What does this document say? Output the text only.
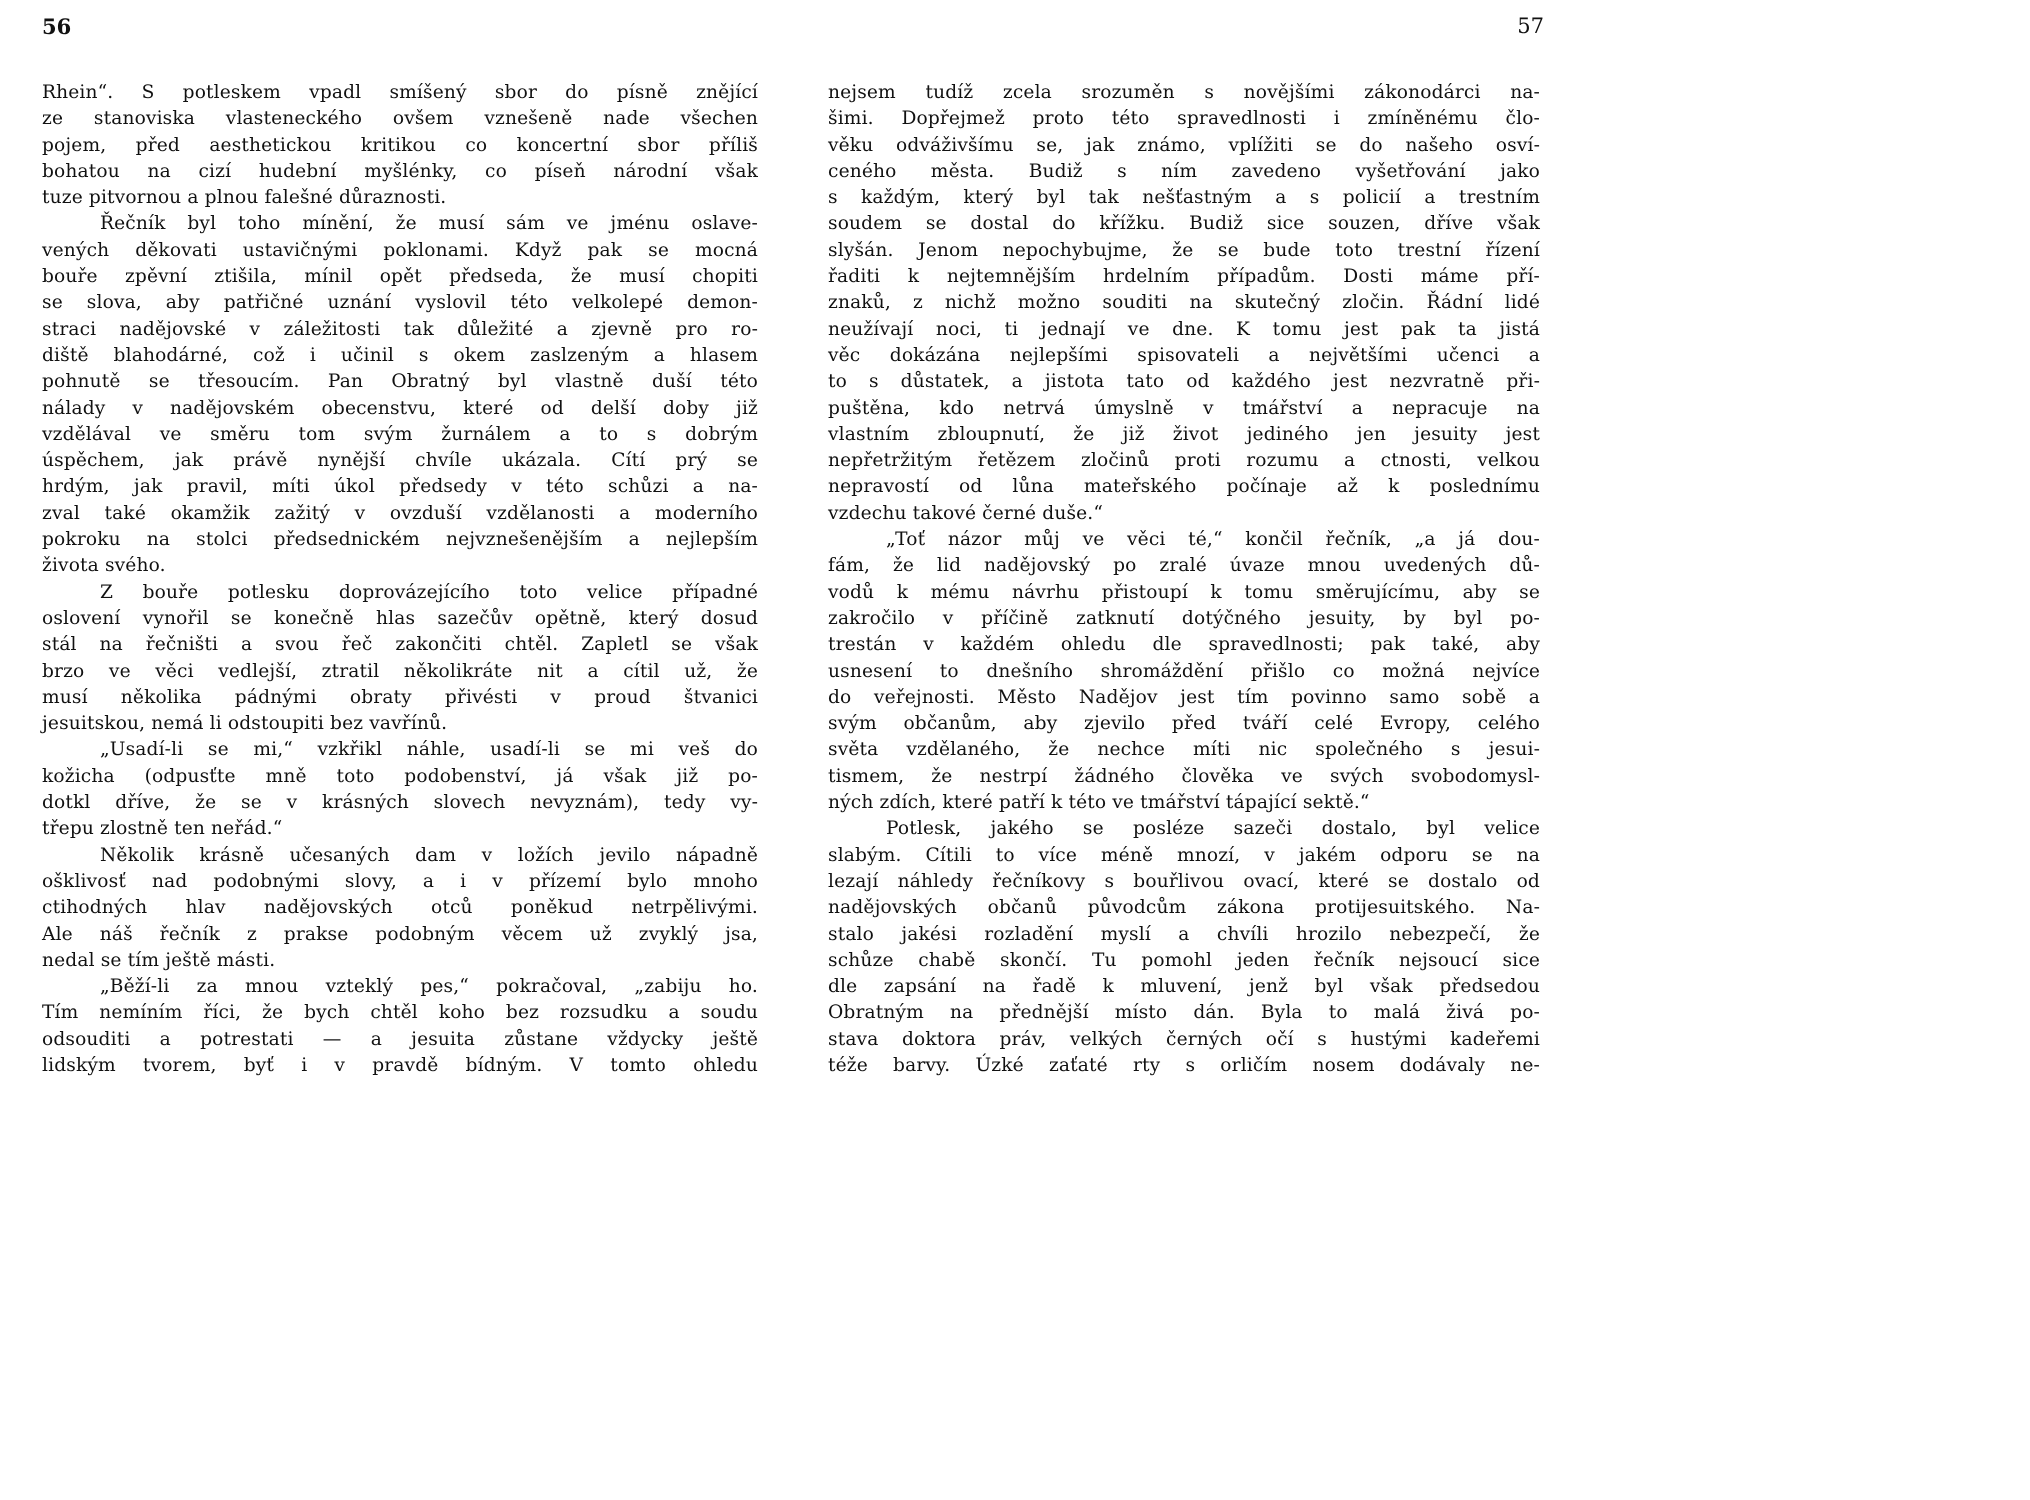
56
Rhein“. S potleskem vpadl smíšený sbor do písně znějící
ze stanoviska vlasteneckého ovšem vznešeně nade všechen
pojem, před aesthetickou kritikou co koncertní sbor příliš
bohatou na cizí hudební myšlénky, co píseň národní však
tuze pitvornou a plnou falešné důraznosti.
Řečník byl toho mínění, že musí sám ve jménu oslave-
vených děkovati ustavičnými poklonami. Když pak se mocná
bouře zpěvní ztišila, mínil opět předseda, že musí chopiti
se slova, aby patřičné uznání vyslovil této velkolepé demon-
straci nadějovské v záležitosti tak důležité a zjevně pro ro-
diště blahodárné, což i učinil s okem zaslzeným a hlasem
pohnutě se třesoucím. Pan Obratný byl vlastně duší této
nálady v nadějovském obecenstvu, které od delší doby již
vzdělával ve směru tom svým žurnálem a to s dobrým
úspěchem, jak právě nynější chvíle ukázala. Cítí prý se
hrdým, jak pravil, míti úkol předsedy v této schůzi a na-
zval také okamžik zažitý v ovzduší vzdělanosti a moderního
pokroku na stolci předsednickém nejvznešenějším a nejlepším
života svého.
Z bouře potlesku doprovázejícího toto velice případné
oslovení vynořil se konečně hlas sazečův opětně, který dosud
stál na řečništi a svou řeč zakončiti chtěl. Zapletl se však
brzo ve věci vedlejší, ztratil několikráte nit a cítil už, že
musí několika pádnými obraty přivésti v proud štvanici
jesuitskou, nemá li odstoupiti bez vavřínů.
„Usadí-li se mi,“ vzkřikl náhle, usadí-li se mi veš do
kožicha (odpusťte mně toto podobenství, já však již po-
dotkl dříve, že se v krásných slovech nevyznám), tedy vy-
třepu zlostně ten neřád.“
Několik krásně učesaných dam v ložích jevilo nápadně
ošklivosť nad podobnými slovy, a i v přízemí bylo mnoho
ctihodných hlav nadějovských otců poněkud netrpělivými.
Ale náš řečník z prakse podobným věcem už zvyklý jsa,
nedal se tím ještě másti.
„Běží-li za mnou vzteklý pes,“ pokračoval, „zabiju ho.
Tím nemíním říci, že bych chtěl koho bez rozsudku a soudu
odsouditi a potrestati — a jesuita zůstane vždycky ještě
lidským tvorem, byť i v pravdě bídným. V tomto ohledu
57
nejsem tudíž zcela srozuměn s novějšími zákonodárci na-
šimi. Dopřejmež proto této spravedlnosti i zmíněnému člo-
věku odváživšímu se, jak známo, vplížiti se do našeho osví-
ceného města. Budiž s ním zavedeno vyšetřování jako
s každým, který byl tak nešťastným a s policií a trestním
soudem se dostal do křížku. Budiž sice souzen, dříve však
slyšán. Jenom nepochybujme, že se bude toto trestní řízení
řaditi k nejtemnějším hrdelním případům. Dosti máme pří-
znaků, z nichž možno souditi na skutečný zločin. Řádní lidé
neužívají noci, ti jednají ve dne. K tomu jest pak ta jistá
věc dokázána nejlepšími spisovateli a největšími učenci a
to s důstatek, a jistota tato od každého jest nezvratně při-
puštěna, kdo netrvá úmyslně v tmářství a nepracuje na
vlastním zbloupnutí, že již život jediného jen jesuity jest
nepřetržitým řetězem zločinů proti rozumu a ctnosti, velkou
nepravostí od lůna mateřského počínaje až k poslednímu
vzdechu takové černé duše.“
„Toť názor můj ve věci té,“ končil řečník, „a já dou-
fám, že lid nadějovský po zralé úvaze mnou uvedených dů-
vodů k mému návrhu přistoupí k tomu směrujícímu, aby se
zakročilo v příčině zatknutí dotýčného jesuity, by byl po-
trestán v každém ohledu dle spravedlnosti; pak také, aby
usnesení to dnešního shromáždění přišlo co možná nejvíce
do veřejnosti. Město Nadějov jest tím povinno samo sobě a
svým občanům, aby zjevilo před tváří celé Evropy, celého
světa vzdělaného, že nechce míti nic společného s jesui-
tismem, že nestrpí žádného člověka ve svých svobodomysl-
ných zdích, které patří k této ve tmářství tápající sektě.“
Potlesk, jakého se posléze sazeči dostalo, byl velice
slabým. Cítili to více méně mnozí, v jakém odporu se na
lezají náhledy řečníkovy s bouřlivou ovací, které se dostalo od
nadějovských občanů původcům zákona protijesuitského. Na-
stalo jakési rozladění myslí a chvíli hrozilo nebezpečí, že
schůze chabě skončí. Tu pomohl jeden řečník nejsoucí sice
dle zapsání na řadě k mluvení, jenž byl však předsedou
Obratným na přednější místo dán. Byla to malá živá po-
stava doktora práv, velkých černých očí s hustými kadeřemi
téže barvy. Úzké zaťaté rty s orličím nosem dodávaly ne-
